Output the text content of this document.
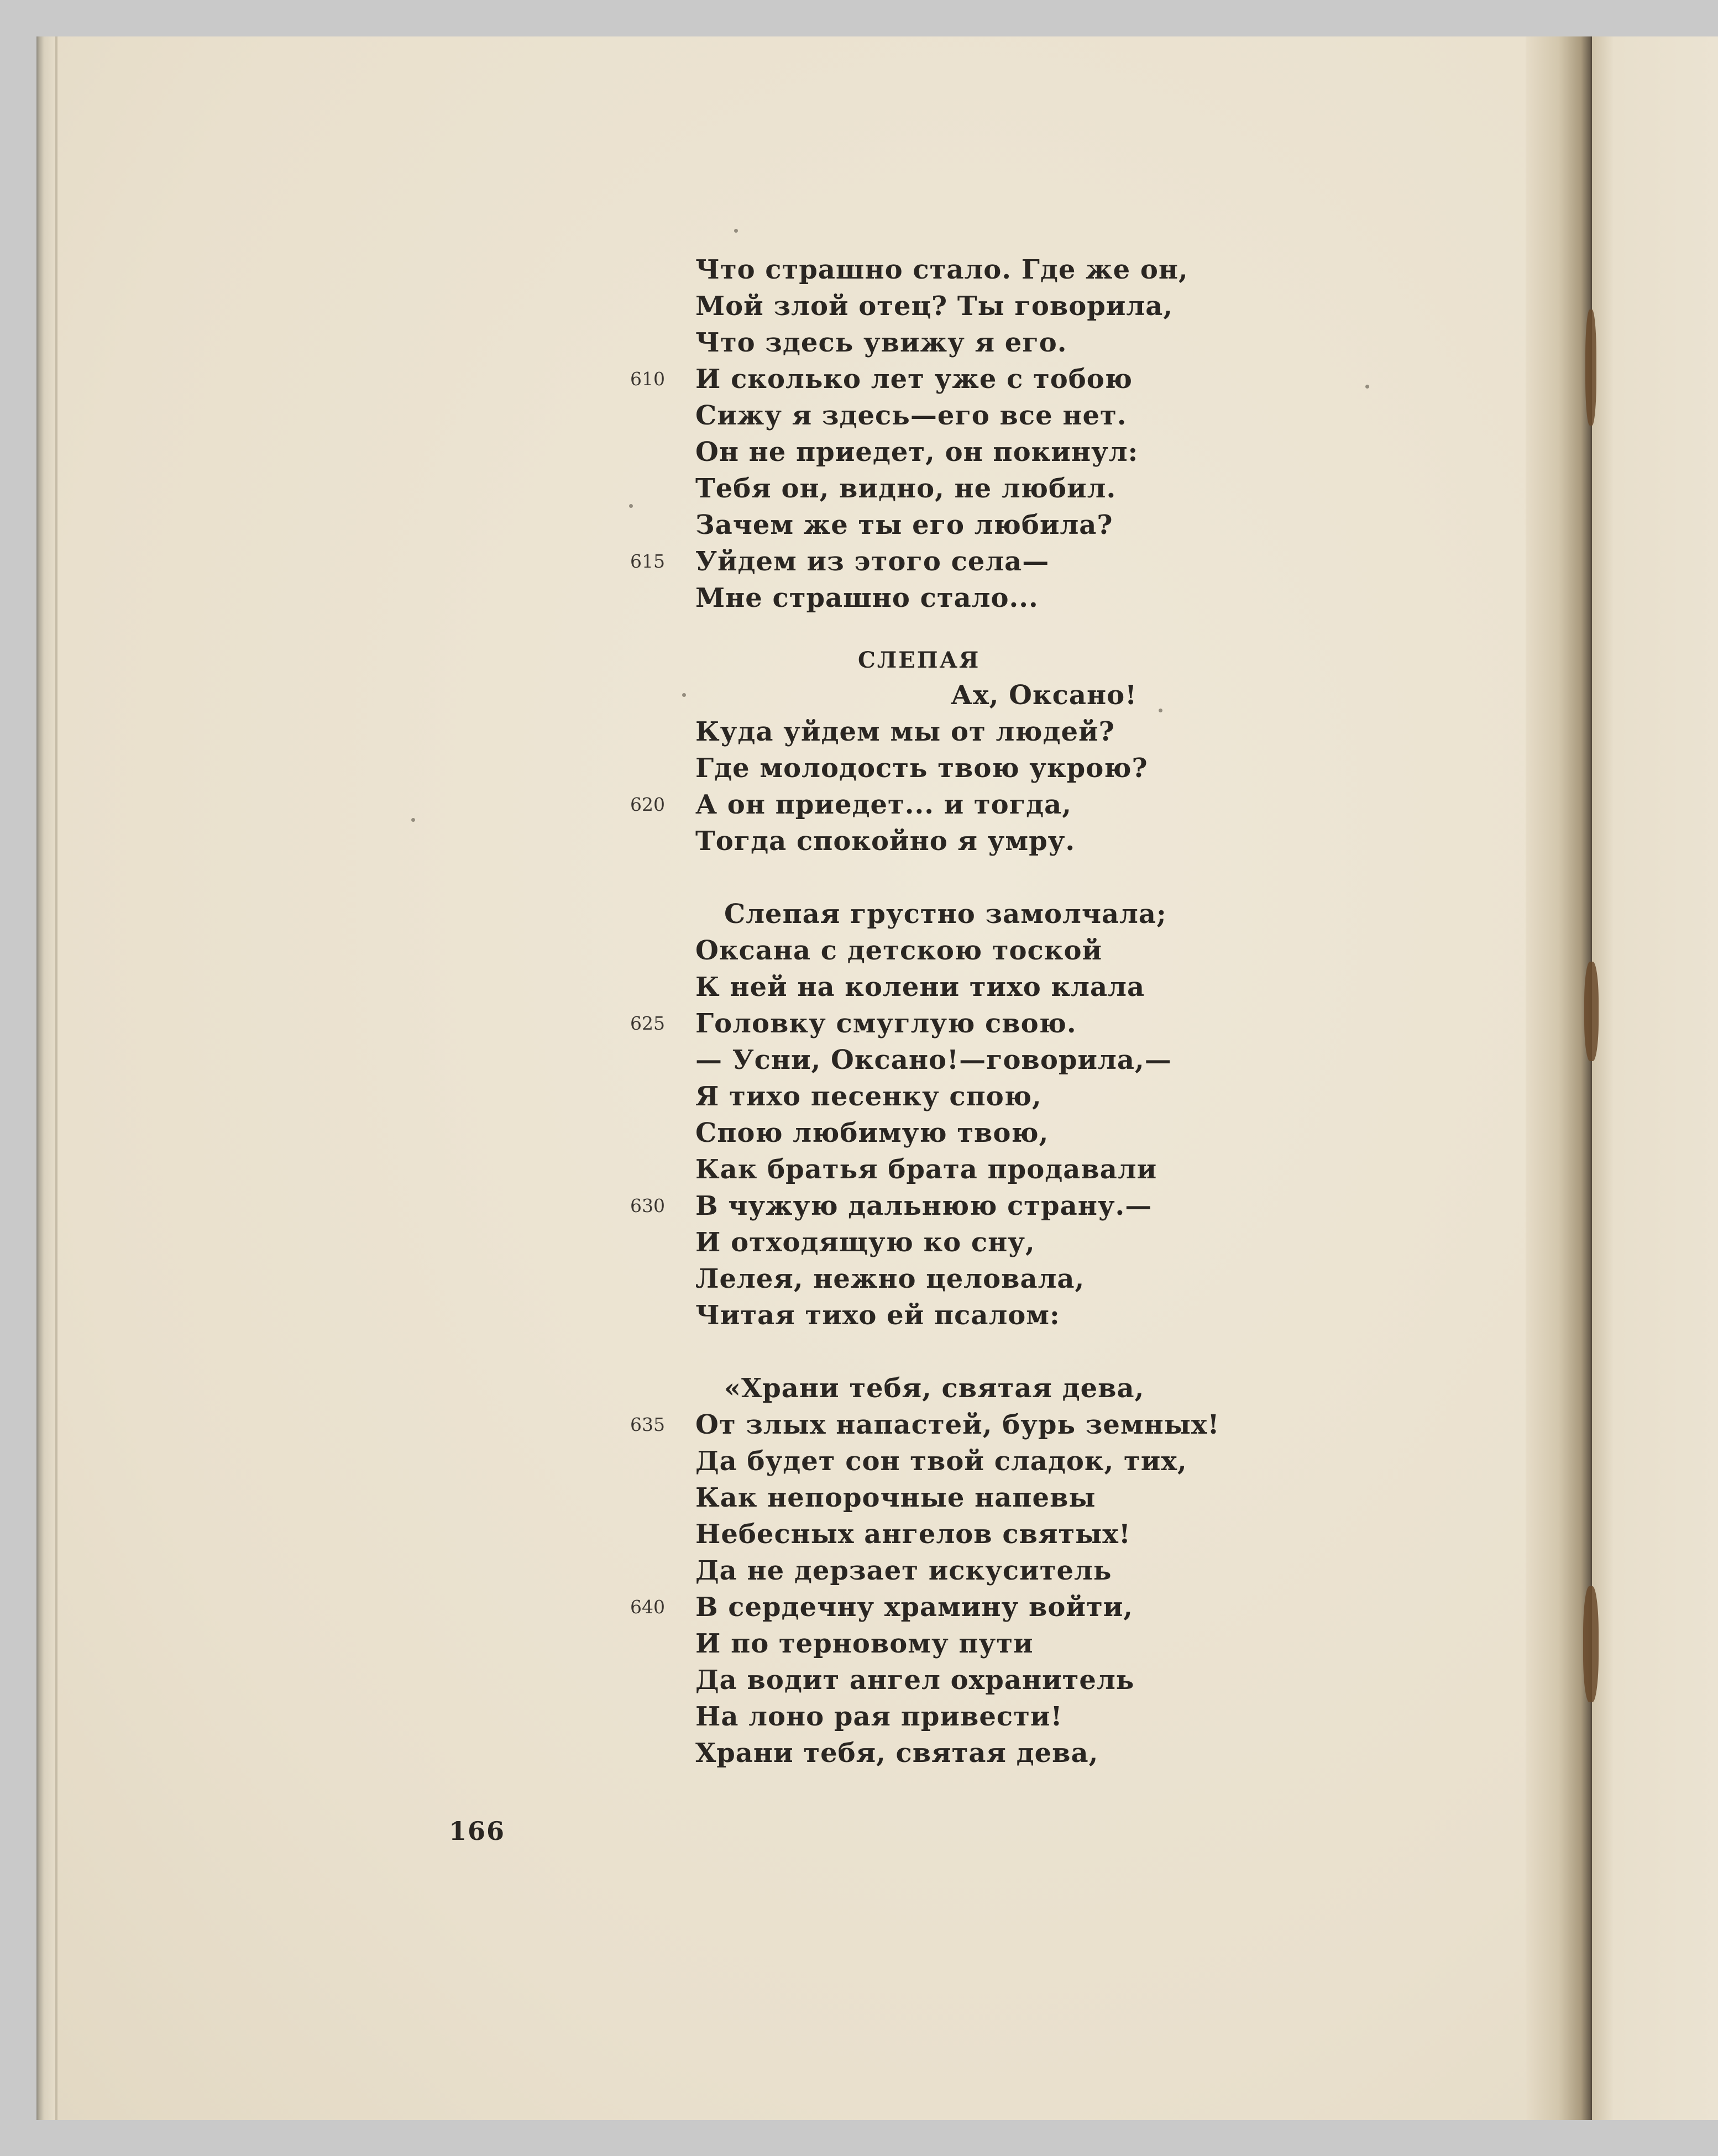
Что страшно стало. Где же он,
Мой злой отец? Ты говорила,
Что здесь увижу я его.
610 И сколько лет уже с тобою
Сижу я здесь—его все нет.
Он не приедет, он покинул:
Тебя он, видно, не любил.
Зачем же ты его любила?
615 Уйдем из этого села—
Мне страшно стало...
СЛЕПАЯ
Ах, Оксано!
Куда уйдем мы от людей?
Где молодость твою укрою?
620 А он приедет... и тогда,
Тогда спокойно я умру.
Слепая грустно замолчала;
Оксана с детскою тоской
К ней на колени тихо клала
625 Головку смуглую свою.
— Усни, Оксано!—говорила,—
Я тихо песенку спою,
Спою любимую твою,
Как братья брата продавали
630 В чужую дальнюю страну.—
И отходящую ко сну,
Лелея, нежно целовала,
Читая тихо ей псалом:
«Храни тебя, святая дева,
635 От злых напастей, бурь земных!
Да будет сон твой сладок, тих,
Как непорочные напевы
Небесных ангелов святых!
Да не дерзает искуситель
640 В сердечну храмину войти,
И по терновому пути
Да водит ангел охранитель
На лоно рая привести!
Храни тебя, святая дева,
166
